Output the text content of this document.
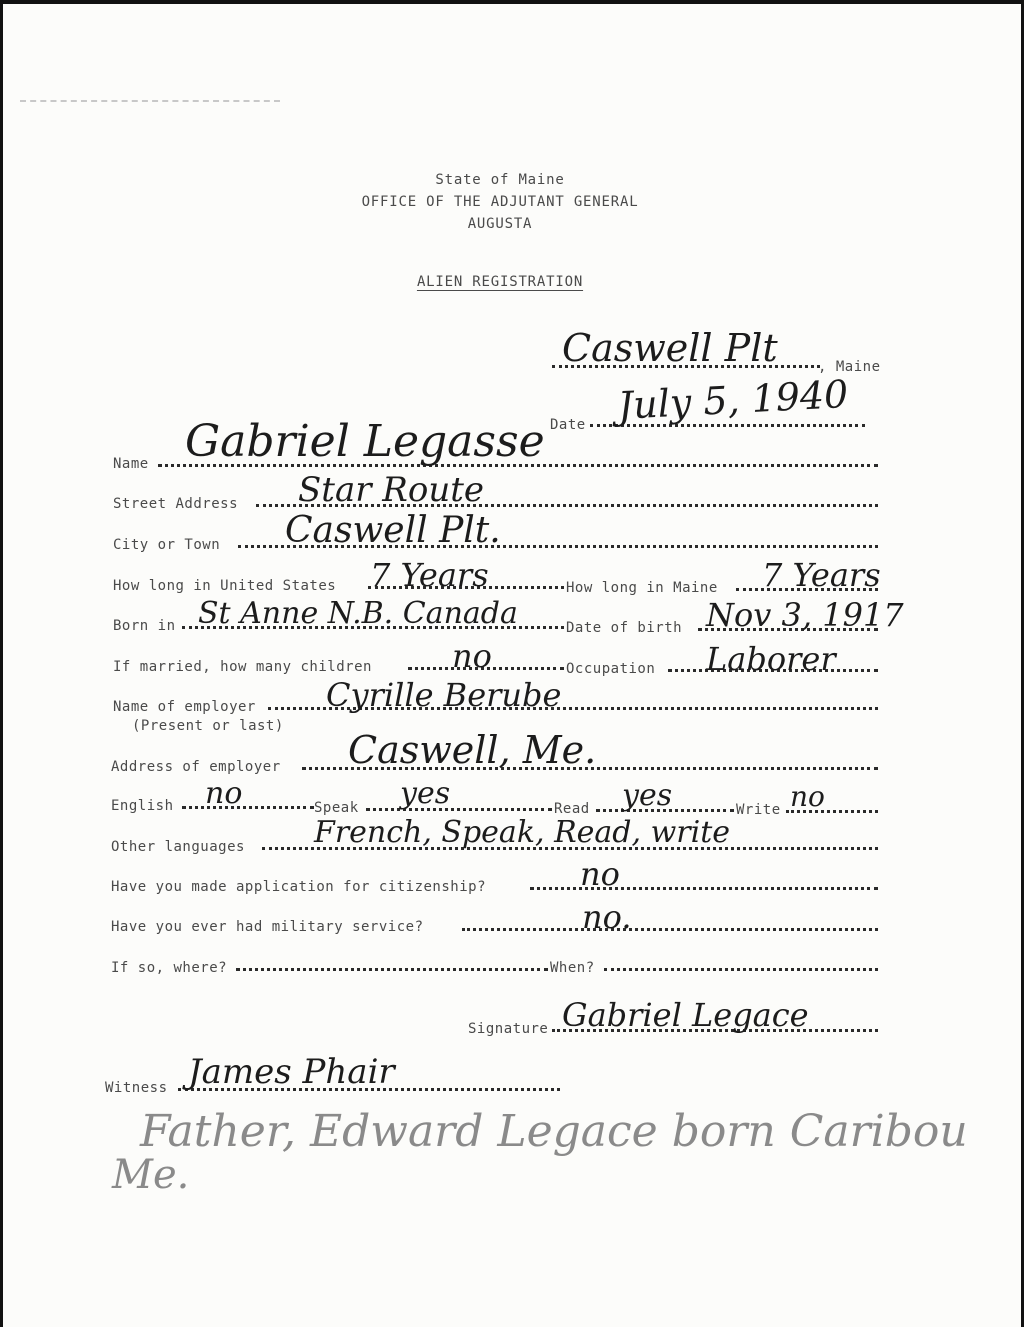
State of Maine
OFFICE OF THE ADJUTANT GENERAL
AUGUSTA
ALIEN REGISTRATION
Caswell Plt	, Maine
Date July 5, 1940
Name Gabriel Legasse
Street Address Star Route
City or Town Caswell Plt.
How long in United States 7 Years	How long in Maine 7 Years
Born in St Anne N.B. Canada	Date of birth Nov 3, 1917
If married, how many children	no	Occupation Laborer
Name of employer
(Present or last)
Cyrille Berube
Address of employer Caswell, Me.
English no	Speak yes	Read yes	Write no
Other languages French, Speak, Read, write
Have you made application for citizenship?	no
Have you ever had military service?	no.
If so, where?	When?
Signature Gabriel Legace
Witness James Phair
Father, Edward Legace born Caribou
Me.
